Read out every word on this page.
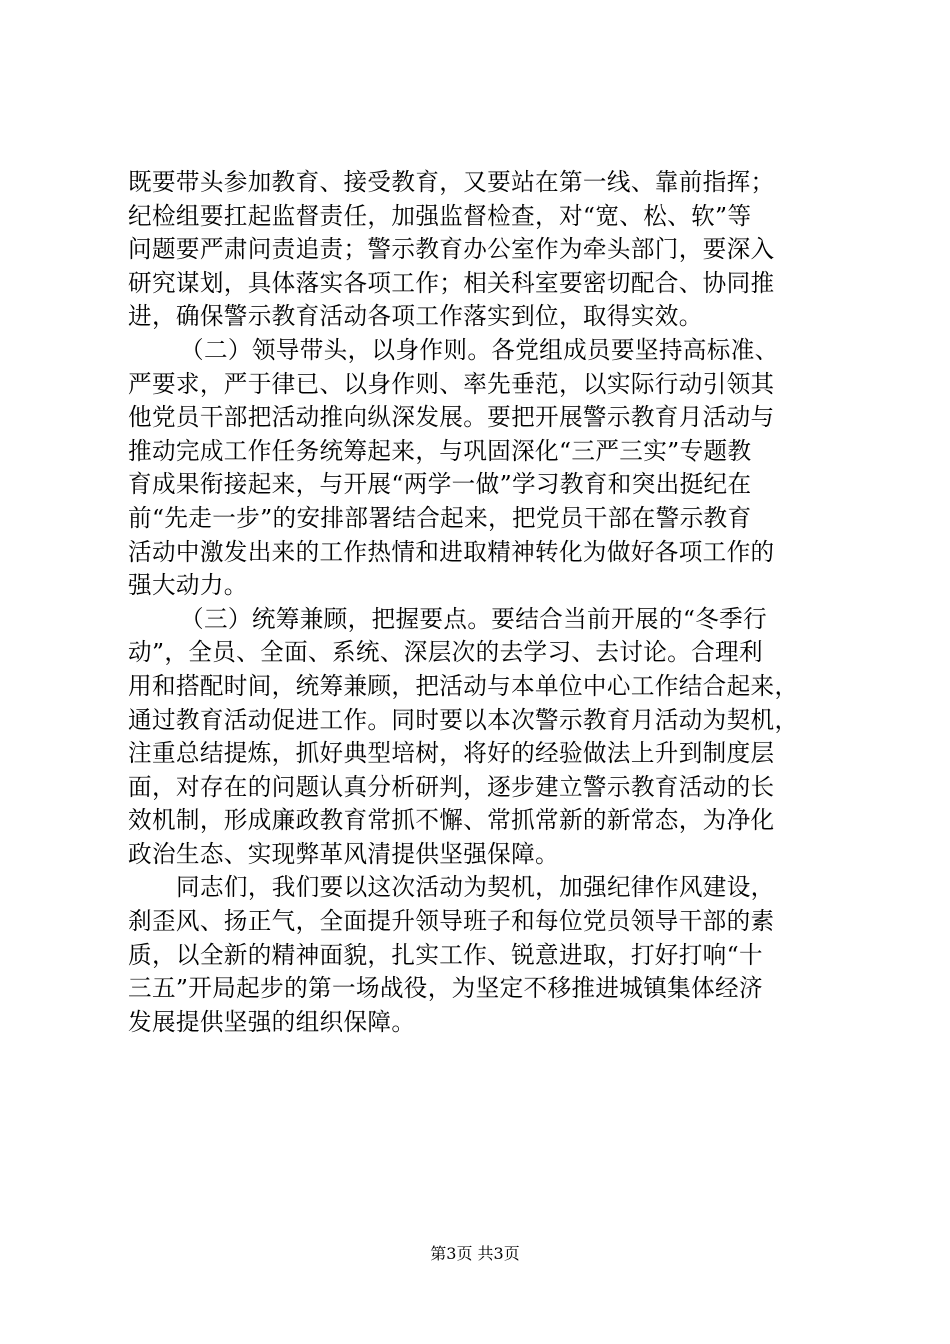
既要带头参加教育、接受教育，又要站在第一线、靠前指挥；
纪检组要扛起监督责任，加强监督检查，对“宽、松、软”等
问题要严肃问责追责；警示教育办公室作为牵头部门，要深入
研究谋划，具体落实各项工作；相关科室要密切配合、协同推
进，确保警示教育活动各项工作落实到位，取得实效。
（二）领导带头，以身作则。各党组成员要坚持高标准、
严要求，严于律已、以身作则、率先垂范，以实际行动引领其
他党员干部把活动推向纵深发展。要把开展警示教育月活动与
推动完成工作任务统筹起来，与巩固深化“三严三实”专题教
育成果衔接起来，与开展“两学一做”学习教育和突出挺纪在
前“先走一步”的安排部署结合起来，把党员干部在警示教育
活动中激发出来的工作热情和进取精神转化为做好各项工作的
强大动力。
（三）统筹兼顾，把握要点。要结合当前开展的“冬季行
动”，全员、全面、系统、深层次的去学习、去讨论。合理利
用和搭配时间，统筹兼顾，把活动与本单位中心工作结合起来，
通过教育活动促进工作。同时要以本次警示教育月活动为契机，
注重总结提炼，抓好典型培树，将好的经验做法上升到制度层
面，对存在的问题认真分析研判，逐步建立警示教育活动的长
效机制，形成廉政教育常抓不懈、常抓常新的新常态，为净化
政治生态、实现弊革风清提供坚强保障。
同志们，我们要以这次活动为契机，加强纪律作风建设，
刹歪风、扬正气，全面提升领导班子和每位党员领导干部的素
质，以全新的精神面貌，扎实工作、锐意进取，打好打响“十
三五”开局起步的第一场战役，为坚定不移推进城镇集体经济
发展提供坚强的组织保障。
第3页 共3页
